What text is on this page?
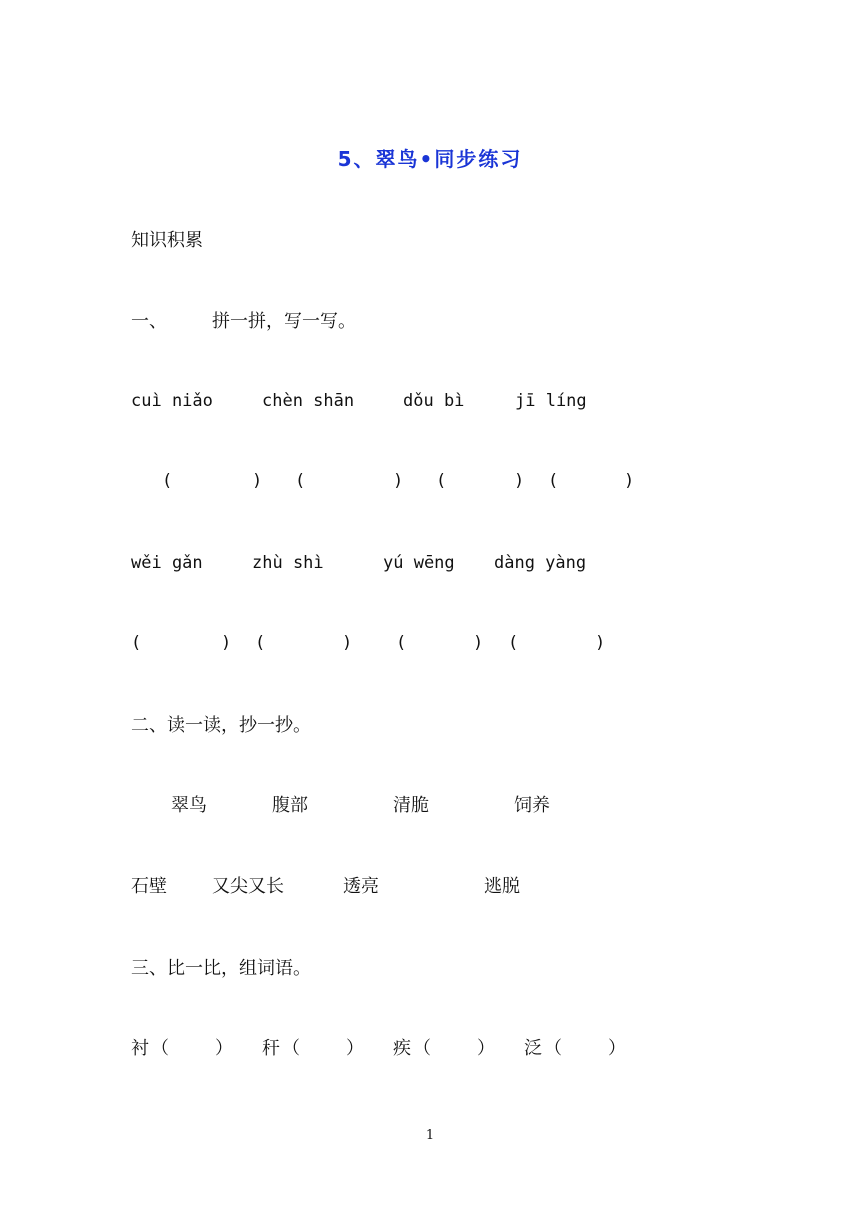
5、翠鸟•同步练习
知识积累
一、	拼一拼，写一写。
cuì niǎo	chèn shān	dǒu bì	jī líng
(	) (	) (	) (	)
wěi gǎn	zhù shì	yú wēng dàng yàng
(	) (	)	(	) (	)
二、读一读，抄一抄。
翠鸟	腹部	清脆	饲养
石壁	又尖又长	透亮	逃脱
三、比一比，组词语。
衬 （	） 秆 （	） 疾 （	） 泛 （	）
1
